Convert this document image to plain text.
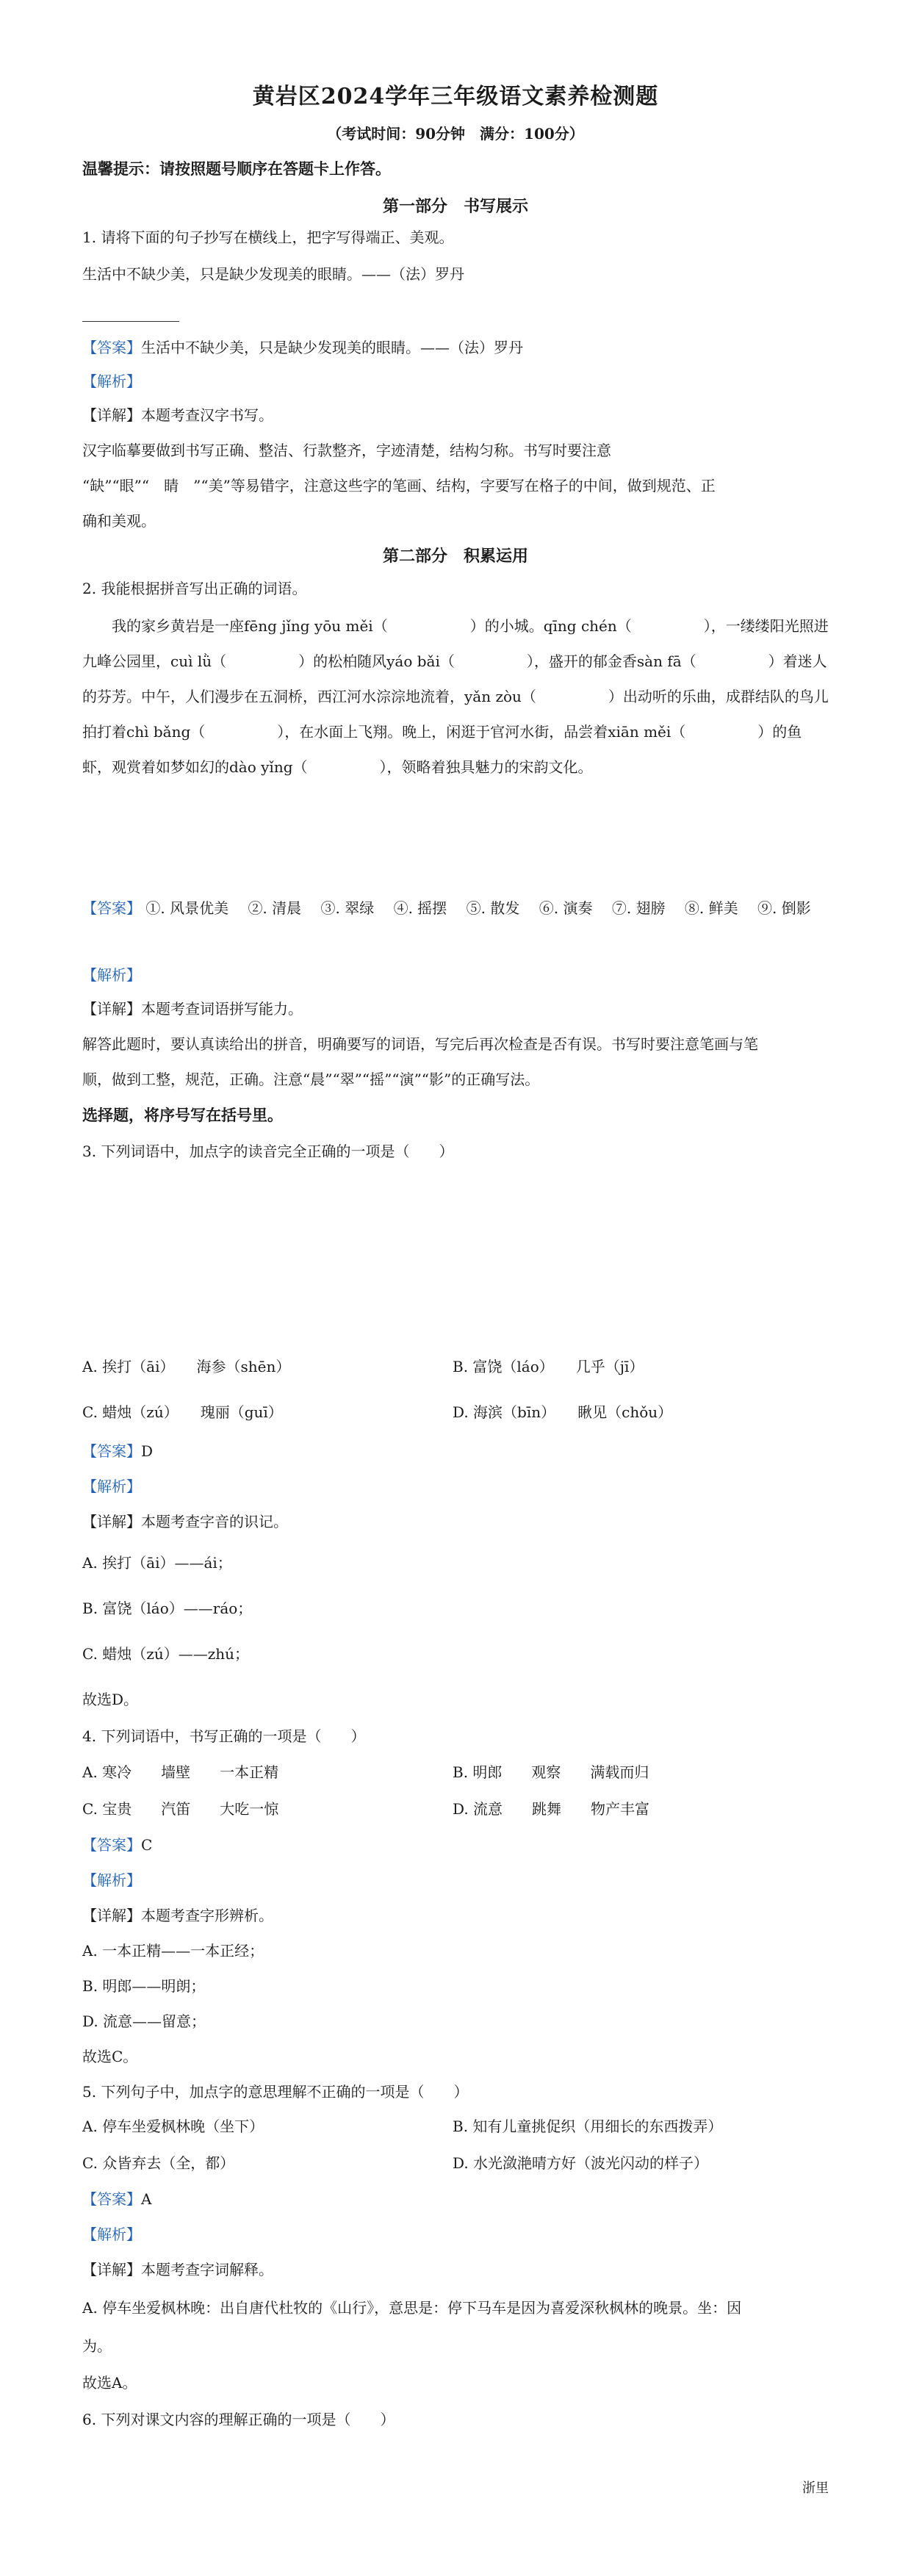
黄岩区2024学年三年级语文素养检测题
（考试时间：90分钟　满分：100分）
温馨提示：请按照题号顺序在答题卡上作答。
第一部分　书写展示
1. 请将下面的句子抄写在横线上，把字写得端正、美观。
生活中不缺少美，只是缺少发现美的眼睛。——（法）罗丹
【答案】生活中不缺少美，只是缺少发现美的眼睛。——（法）罗丹
【解析】
【详解】本题考查汉字书写。
汉字临摹要做到书写正确、整洁、行款整齐，字迹清楚，结构匀称。书写时要注意
“缺”“眼”“　睛　”“美”等易错字，注意这些字的笔画、结构，字要写在格子的中间，做到规范、正
确和美观。
第二部分　积累运用
2. 我能根据拼音写出正确的词语。
我的家乡黄岩是一座fēng jǐng yōu měi（	）的小城。qīng chén（	），一缕缕阳光照进九峰公园里，cuì lǜ（	）的松柏随风yáo bǎi（	），盛开的郁金香sàn fā（	）着迷人的芬芳。中午，人们漫步在五洞桥，西江河水淙淙地流着，yǎn zòu（	）出动听的乐曲，成群结队的鸟儿拍打着chì bǎng（	），在水面上飞翔。晚上，闲逛于官河水街，品尝着xiān měi（	）的鱼虾，观赏着如梦如幻的dào yǐng（	），领略着独具魅力的宋韵文化。
【答案】 ①. 风景优美　 ②. 清晨　 ③. 翠绿　 ④. 摇摆　 ⑤. 散发　 ⑥. 演奏　 ⑦. 翅膀　 ⑧. 鲜美　 ⑨. 倒影
【解析】
【详解】本题考查词语拼写能力。
解答此题时，要认真读给出的拼音，明确要写的词语，写完后再次检查是否有误。书写时要注意笔画与笔
顺，做到工整，规范，正确。注意“晨”“翠”“摇”“演”“影”的正确写法。
选择题，将序号写在括号里。
3. 下列词语中，加点字的读音完全正确的一项是（　　）
A. 挨打（āi）　　海参（shēn）	B. 富饶（láo）　　几乎（jī）
C. 蜡烛（zú）　　瑰丽（guī）	D. 海滨（bīn）　　瞅见（chǒu）
【答案】D
【解析】
【详解】本题考查字音的识记。
A. 挨打（āi）——ái；
B. 富饶（láo）——ráo；
C. 蜡烛（zú）——zhú；
故选D。
4. 下列词语中，书写正确的一项是（　　）
A. 寒冷　　墙壁　　一本正精	B. 明郎　　观察　　满载而归
C. 宝贵　　汽笛　　大吃一惊	D. 流意　　跳舞　　物产丰富
【答案】C
【解析】
【详解】本题考查字形辨析。
A. 一本正精——一本正经；
B. 明郎——明朗；
D. 流意——留意；
故选C。
5. 下列句子中，加点字的意思理解不正确的一项是（　　）
A. 停车坐爱枫林晚（坐下）	B. 知有儿童挑促织（用细长的东西拨弄）
C. 众皆弃去（全，都）	D. 水光潋滟晴方好（波光闪动的样子）
【答案】A
【解析】
【详解】本题考查字词解释。
A. 停车坐爱枫林晚：出自唐代杜牧的《山行》，意思是：停下马车是因为喜爱深秋枫林的晚景。坐：因
为。
故选A。
6. 下列对课文内容的理解正确的一项是（　　）
浙里
